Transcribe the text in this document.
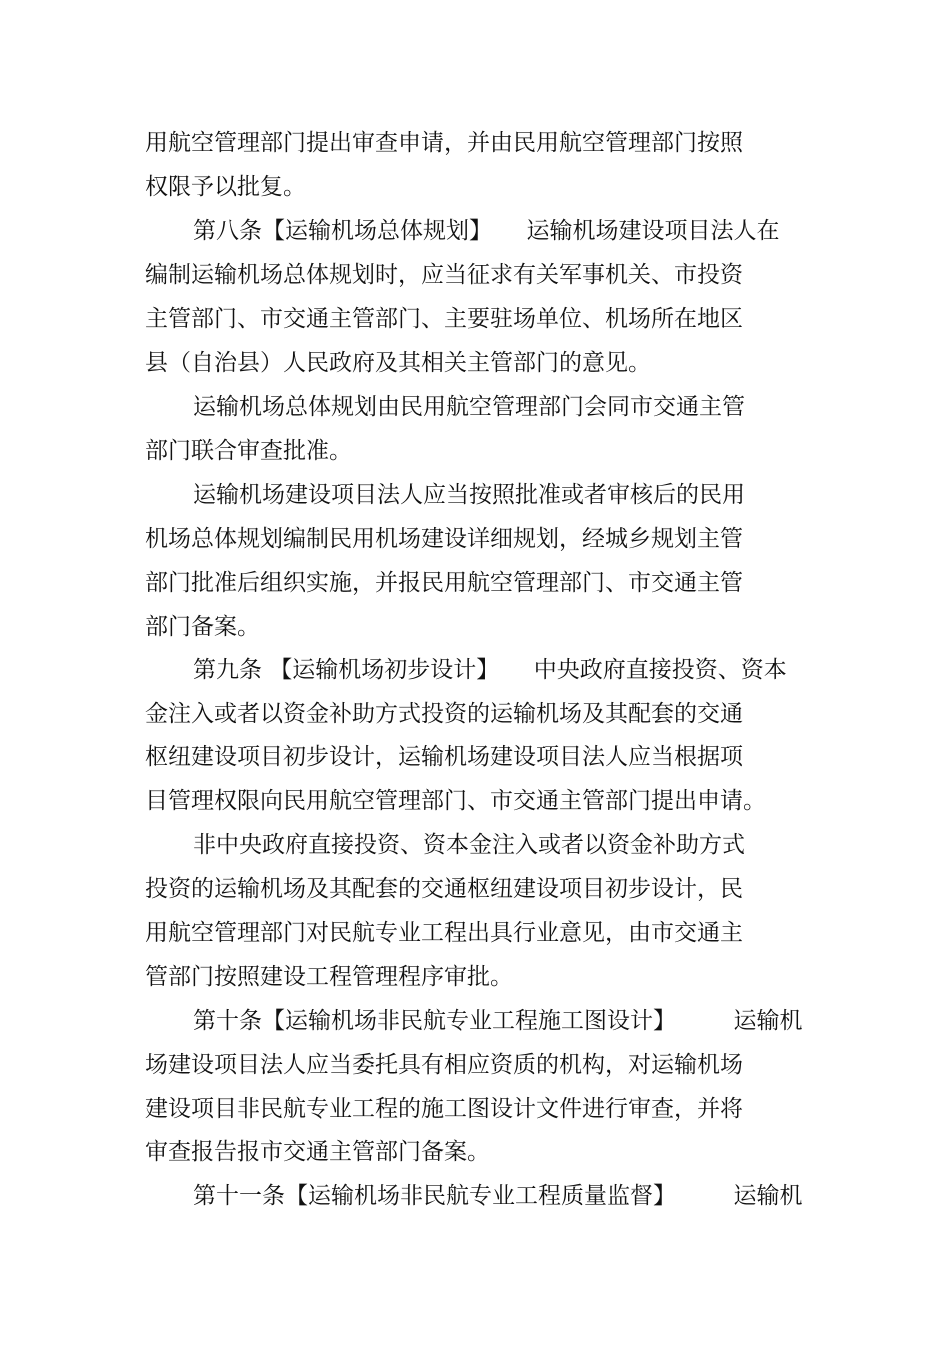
用航空管理部门提出审查申请，并由民用航空管理部门按照
权限予以批复。
第八条【运输机场总体规划】　　运输机场建设项目法人在
编制运输机场总体规划时，应当征求有关军事机关、市投资
主管部门、市交通主管部门、主要驻场单位、机场所在地区
县（自治县）人民政府及其相关主管部门的意见。
运输机场总体规划由民用航空管理部门会同市交通主管
部门联合审查批准。
运输机场建设项目法人应当按照批准或者审核后的民用
机场总体规划编制民用机场建设详细规划，经城乡规划主管
部门批准后组织实施，并报民用航空管理部门、市交通主管
部门备案。
第九条 【运输机场初步设计】　　中央政府直接投资、资本
金注入或者以资金补助方式投资的运输机场及其配套的交通
枢纽建设项目初步设计，运输机场建设项目法人应当根据项
目管理权限向民用航空管理部门、市交通主管部门提出申请。
非中央政府直接投资、资本金注入或者以资金补助方式
投资的运输机场及其配套的交通枢纽建设项目初步设计，民
用航空管理部门对民航专业工程出具行业意见，由市交通主
管部门按照建设工程管理程序审批。
第十条【运输机场非民航专业工程施工图设计】　　　运输机
场建设项目法人应当委托具有相应资质的机构，对运输机场
建设项目非民航专业工程的施工图设计文件进行审查，并将
审查报告报市交通主管部门备案。
第十一条【运输机场非民航专业工程质量监督】　　　运输机
